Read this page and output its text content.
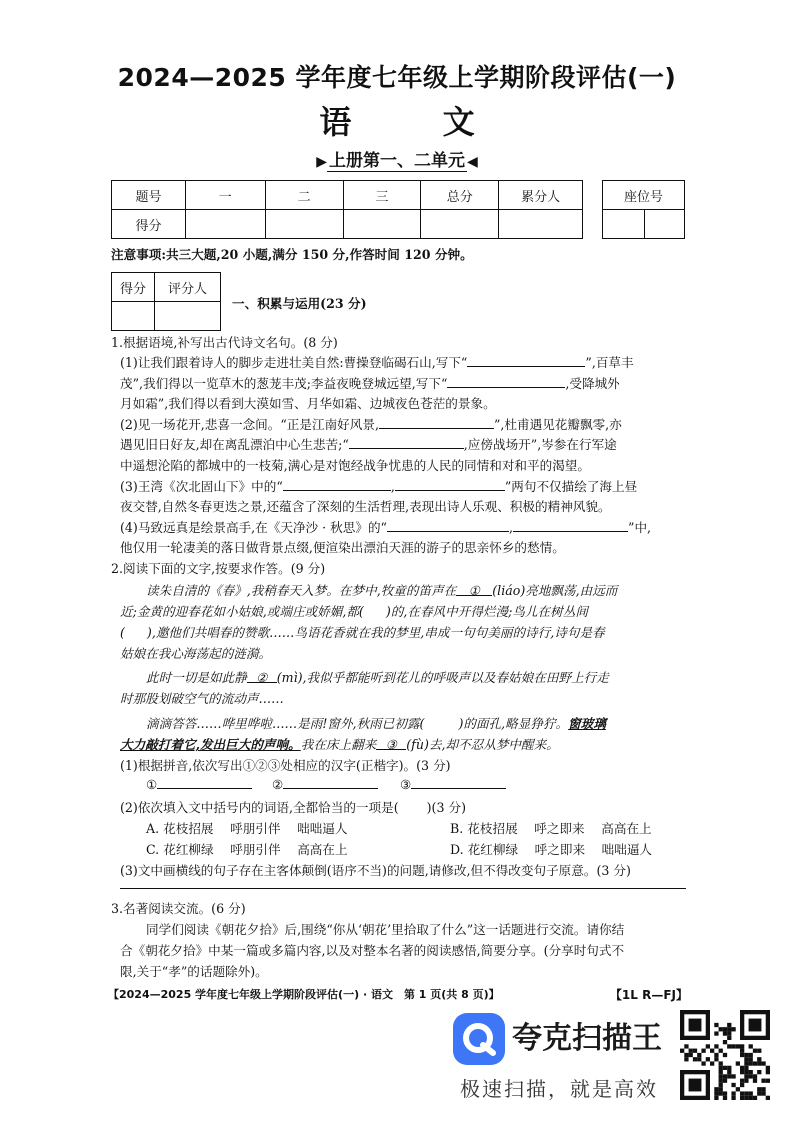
2024—2025 学年度七年级上学期阶段评估(一)
语 文
▶ 上册第一、二单元 ◀
题号	一	二	三	总分	累分人
得分					
座位号

注意事项:共三大题,20 小题,满分 150 分,作答时间 120 分钟。
得分	评分人

一、积累与运用(23 分)
1.根据语境,补写出古代诗文名句。(8 分)
(1)让我们跟着诗人的脚步走进壮美自然:曹操登临碣石山,写下“	”,百草丰
茂”,我们得以一览草木的葱茏丰茂;李益夜晚登城远望,写下“	,受降城外
月如霜”,我们得以看到大漠如雪、月华如霜、边城夜色苍茫的景象。
(2)见一场花开,悲喜一念间。“正是江南好风景,	”,杜甫遇见花瓣飘零,亦
遇见旧日好友,却在离乱漂泊中心生悲苦;“	,应傍战场开”,岑参在行军途
中遥想沦陷的都城中的一枝菊,满心是对饱经战争忧患的人民的同情和对和平的渴望。
(3)王湾《次北固山下》中的“	,	”两句不仅描绘了海上昼
夜交替,自然冬春更迭之景,还蕴含了深刻的生活哲理,表现出诗人乐观、积极的精神风貌。
(4)马致远真是绘景高手,在《天净沙 · 秋思》的“	,	”中,
他仅用一轮凄美的落日做背景点缀,便渲染出漂泊天涯的游子的思亲怀乡的愁情。
2.阅读下面的文字,按要求作答。(9 分)
读朱自清的《春》,我稍春天入梦。在梦中,牧童的笛声在 ① (liáo)亮地飘荡,由远而
近;金黄的迎春花如小姑娘,或端庄或娇媚,都( )的,在春风中开得烂漫;鸟儿在树丛间
( ),邀他们共唱春的赞歌……鸟语花香就在我的梦里,串成一句句美丽的诗行,诗句是春
姑娘在我心海荡起的涟漪。
此时一切是如此静 ② (mì),我似乎都能听到花儿的呼吸声以及春姑娘在田野上行走
时那股划破空气的流动声……
滴滴答答……哗里哗啦……是雨!窗外,秋雨已初露(	)的面孔,略显狰狞。窗玻璃
大力敲打着它,发出巨大的声响。我在床上翻来 ③ (fù)去,却不忍从梦中醒来。
(1)根据拼音,依次写出①②③处相应的汉字(正楷字)。(3 分)
①	②	③
(2)依次填入文中括号内的词语,全都恰当的一项是( )(3 分)
A. 花枝招展　 呼朋引伴　 咄咄逼人	B. 花枝招展　 呼之即来　 高高在上
C. 花红柳绿　 呼朋引伴　 高高在上	D. 花红柳绿　 呼之即来　 咄咄逼人
(3)文中画横线的句子存在主客体颠倒(语序不当)的问题,请修改,但不得改变句子原意。(3 分)
3.名著阅读交流。(6 分)
同学们阅读《朝花夕拾》后,围绕“你从‘朝花’里拾取了什么”这一话题进行交流。请你结
合《朝花夕拾》中某一篇或多篇内容,以及对整本名著的阅读感悟,简要分享。(分享时句式不
限,关于“孝”的话题除外)。
【2024—2025 学年度七年级上学期阶段评估(一) · 语文　第 1 页(共 8 页)】	【1L R—FJ】
夸克扫描王
极速扫描，就是高效
